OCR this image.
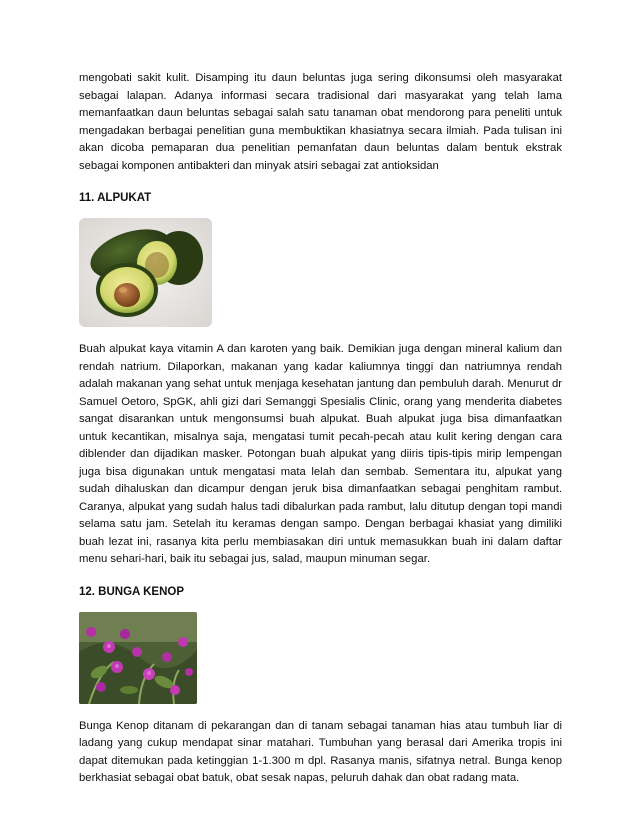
mengobati sakit kulit. Disamping itu daun beluntas juga sering dikonsumsi oleh masyarakat sebagai lalapan. Adanya informasi secara tradisional dari masyarakat yang telah lama memanfaatkan daun beluntas sebagai salah satu tanaman obat mendorong para peneliti untuk mengadakan berbagai penelitian guna membuktikan khasiatnya secara ilmiah. Pada tulisan ini akan dicoba pemaparan dua penelitian pemanfatan daun beluntas dalam bentuk ekstrak sebagai komponen antibakteri dan minyak atsiri sebagai zat antioksidan

11. ALPUKAT

Buah alpukat kaya vitamin A dan karoten yang baik. Demikian juga dengan mineral kalium dan rendah natrium. Dilaporkan, makanan yang kadar kaliumnya tinggi dan natriumnya rendah adalah makanan yang sehat untuk menjaga kesehatan jantung dan pembuluh darah. Menurut dr Samuel Oetoro, SpGK, ahli gizi dari Semanggi Spesialis Clinic, orang yang menderita diabetes sangat disarankan untuk mengonsumsi buah alpukat. Buah alpukat juga bisa dimanfaatkan untuk kecantikan, misalnya saja, mengatasi tumit pecah-pecah atau kulit kering dengan cara diblender dan dijadikan masker. Potongan buah alpukat yang diiris tipis-tipis mirip lempengan juga bisa digunakan untuk mengatasi mata lelah dan sembab. Sementara itu, alpukat yang sudah dihaluskan dan dicampur dengan jeruk bisa dimanfaatkan sebagai penghitam rambut. Caranya, alpukat yang sudah halus tadi dibalurkan pada rambut, lalu ditutup dengan topi mandi selama satu jam. Setelah itu keramas dengan sampo. Dengan berbagai khasiat yang dimiliki buah lezat ini, rasanya kita perlu membiasakan diri untuk memasukkan buah ini dalam daftar menu sehari-hari, baik itu sebagai jus, salad, maupun minuman segar.

12. BUNGA KENOP

Bunga Kenop ditanam di pekarangan dan di tanam sebagai tanaman hias atau tumbuh liar di ladang yang cukup mendapat sinar matahari. Tumbuhan yang berasal dari Amerika tropis ini dapat ditemukan pada ketinggian 1-1.300 m dpl. Rasanya manis, sifatnya netral. Bunga kenop berkhasiat sebagai obat batuk, obat sesak napas, peluruh dahak dan obat radang mata.
